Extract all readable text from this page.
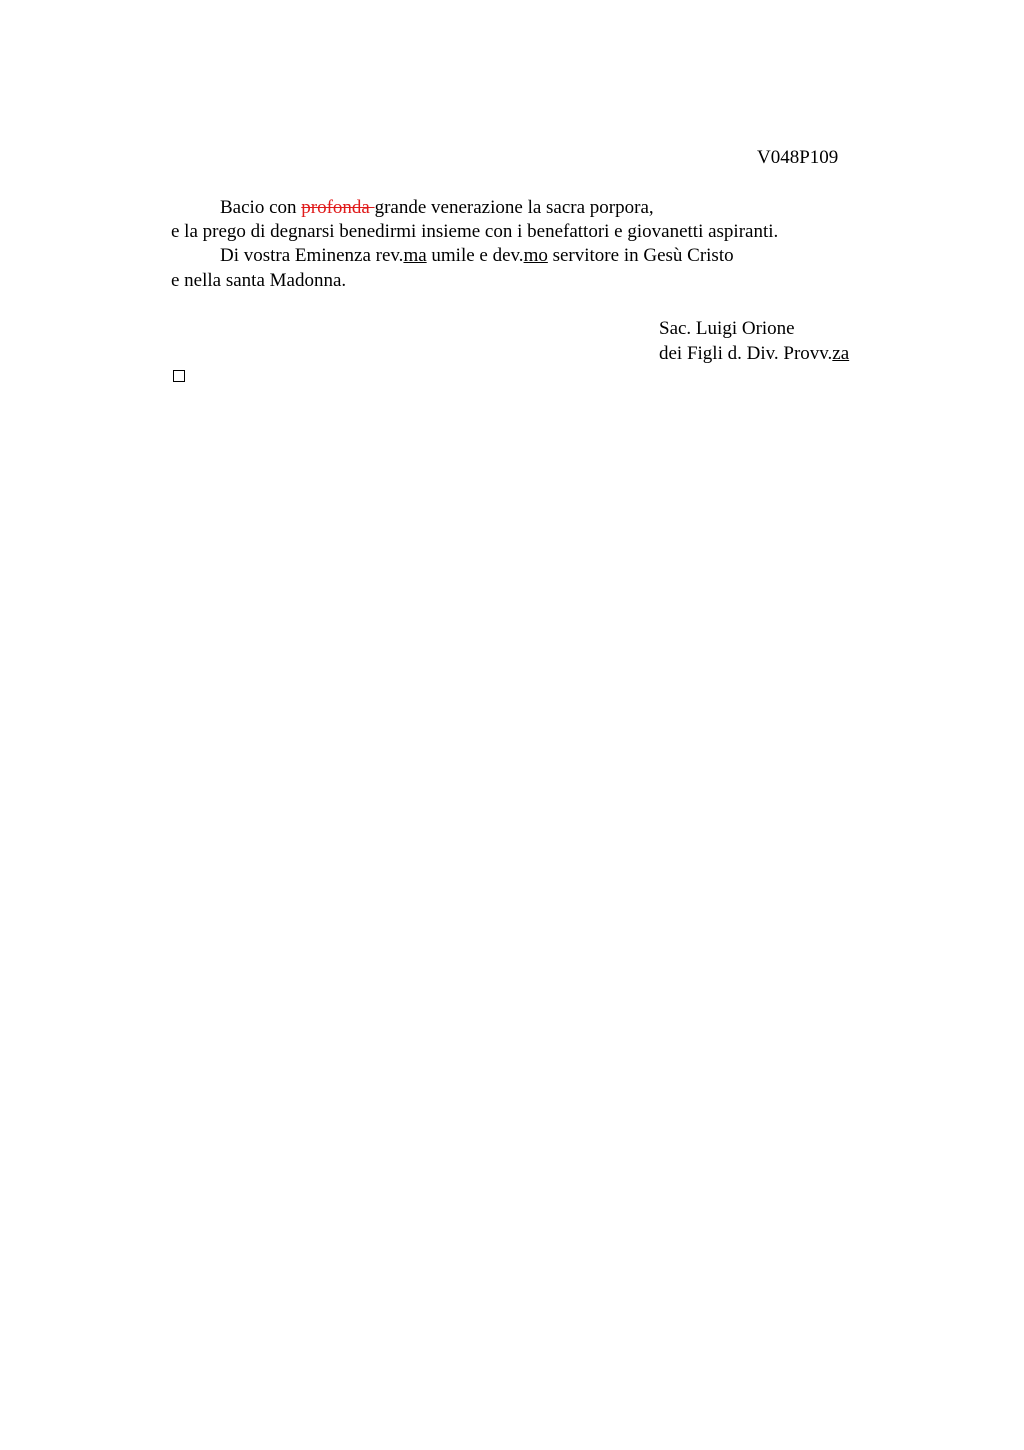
V048P109
Bacio con profonda grande venerazione la sacra porpora,
e la prego di degnarsi benedirmi insieme con i benefattori e giovanetti aspiranti.
Di vostra Eminenza rev.ma umile e dev.mo servitore in Gesù Cristo
e nella santa Madonna.
Sac. Luigi Orione
dei Figli d. Div. Provv.za
